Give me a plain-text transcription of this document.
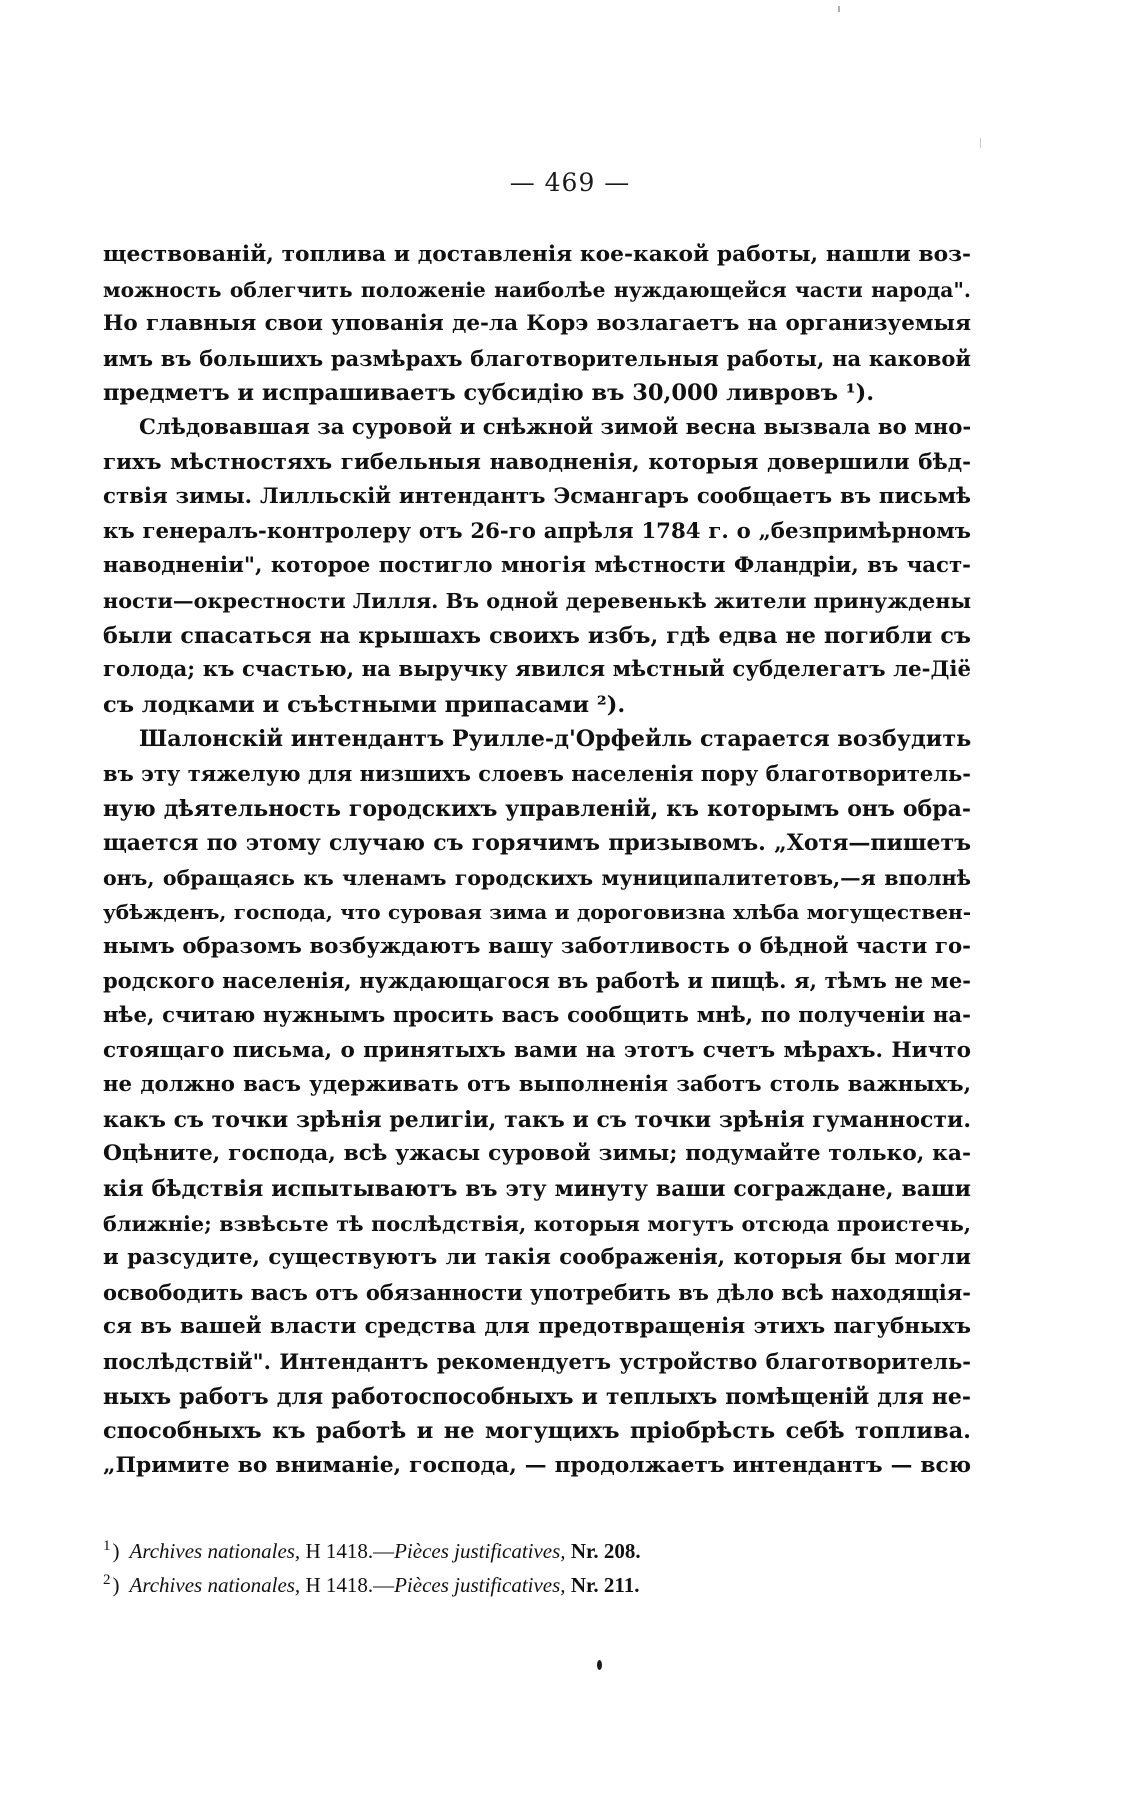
— 469 —
ществованій, топлива и доставленія кое-какой работы, нашли воз-
можность облегчить положеніе наиболѣе нуждающейся части народа".
Но главныя свои упованія де-ла Корэ возлагаетъ на организуемыя
имъ въ большихъ размѣрахъ благотворительныя работы, на каковой
предметъ и испрашиваетъ субсидію въ 30,000 ливровъ ¹).
Слѣдовавшая за суровой и снѣжной зимой весна вызвала во мно-
гихъ мѣстностяхъ гибельныя наводненія, которыя довершили бѣд-
ствія зимы. Лилльскій интендантъ Эсмангаръ сообщаетъ въ письмѣ
къ генералъ-контролеру отъ 26-го апрѣля 1784 г. о „безпримѣрномъ
наводненіи", которое постигло многія мѣстности Фландріи, въ част-
ности—окрестности Лилля. Въ одной деревенькѣ жители принуждены
были спасаться на крышахъ своихъ избъ, гдѣ едва не погибли съ
голода; къ счастью, на выручку явился мѣстный субделегатъ ле-Діё
съ лодками и съѣстными припасами ²).
Шалонскій интендантъ Руилле-д'Орфейль старается возбудить
въ эту тяжелую для низшихъ слоевъ населенія пору благотворитель-
ную дѣятельность городскихъ управленій, къ которымъ онъ обра-
щается по этому случаю съ горячимъ призывомъ. „Хотя—пишетъ
онъ, обращаясь къ членамъ городскихъ муниципалитетовъ,—я вполнѣ
убѣжденъ, господа, что суровая зима и дороговизна хлѣба могуществен-
нымъ образомъ возбуждаютъ вашу заботливость о бѣдной части го-
родского населенія, нуждающагося въ работѣ и пищѣ. я, тѣмъ не ме-
нѣе, считаю нужнымъ просить васъ сообщить мнѣ, по полученіи на-
стоящаго письма, о принятыхъ вами на этотъ счетъ мѣрахъ. Ничто
не должно васъ удерживать отъ выполненія заботъ столь важныхъ,
какъ съ точки зрѣнія религіи, такъ и съ точки зрѣнія гуманности.
Оцѣните, господа, всѣ ужасы суровой зимы; подумайте только, ка-
кія бѣдствія испытываютъ въ эту минуту ваши сограждане, ваши
ближніе; взвѣсьте тѣ послѣдствія, которыя могутъ отсюда проистечь,
и разсудите, существуютъ ли такія соображенія, которыя бы могли
освободить васъ отъ обязанности употребить въ дѣло всѣ находящія-
ся въ вашей власти средства для предотвращенія этихъ пагубныхъ
послѣдствій". Интендантъ рекомендуетъ устройство благотворитель-
ныхъ работъ для работоспособныхъ и теплыхъ помѣщеній для не-
способныхъ къ работѣ и не могущихъ пріобрѣсть себѣ топлива.
„Примите во вниманіе, господа, — продолжаетъ интендантъ — всю
$^1$) Archives nationales, H 1418.—Pièces justificatives, Nr. 208.
$^2$) Archives nationales, H 1418.—Pièces justificatives, Nr. 211.
